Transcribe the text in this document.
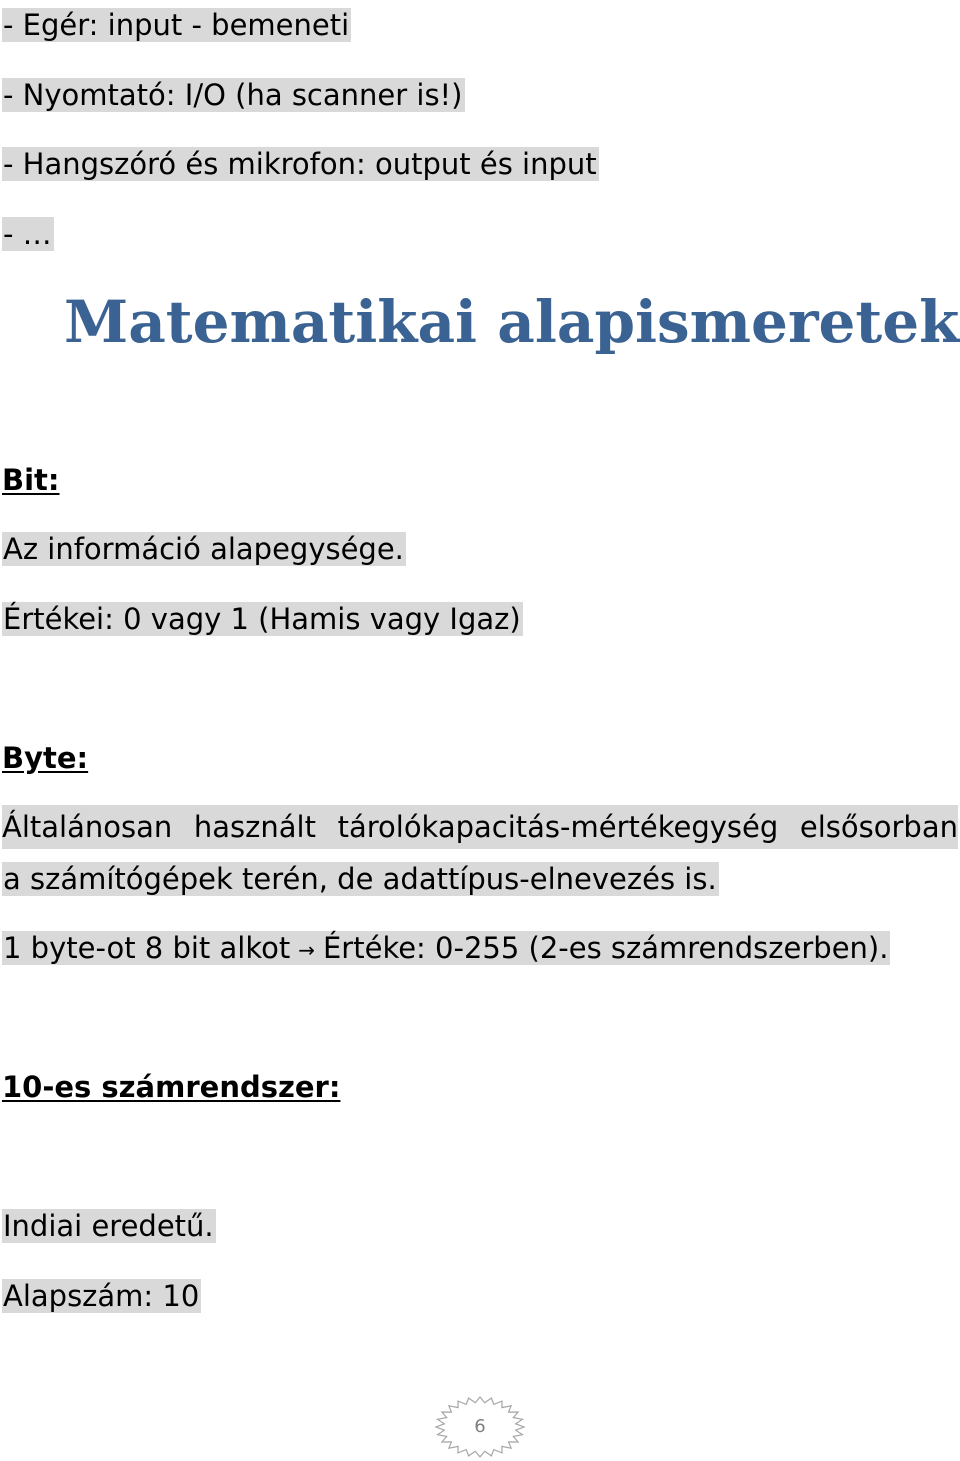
- Egér: input - bemeneti
- Nyomtató: I/O (ha scanner is!)
- Hangszóró és mikrofon: output és input
- …
Matematikai alapismeretek
Bit:
Az információ alapegysége.
Értékei: 0 vagy 1 (Hamis vagy Igaz)
Byte:
Általánosan használt tárolókapacitás-mértékegység elsősorban
a számítógépek terén, de adattípus-elnevezés is.
1 byte-ot 8 bit alkot → Értéke: 0-255 (2-es számrendszerben).
10-es számrendszer:
Indiai eredetű.
Alapszám: 10
6
